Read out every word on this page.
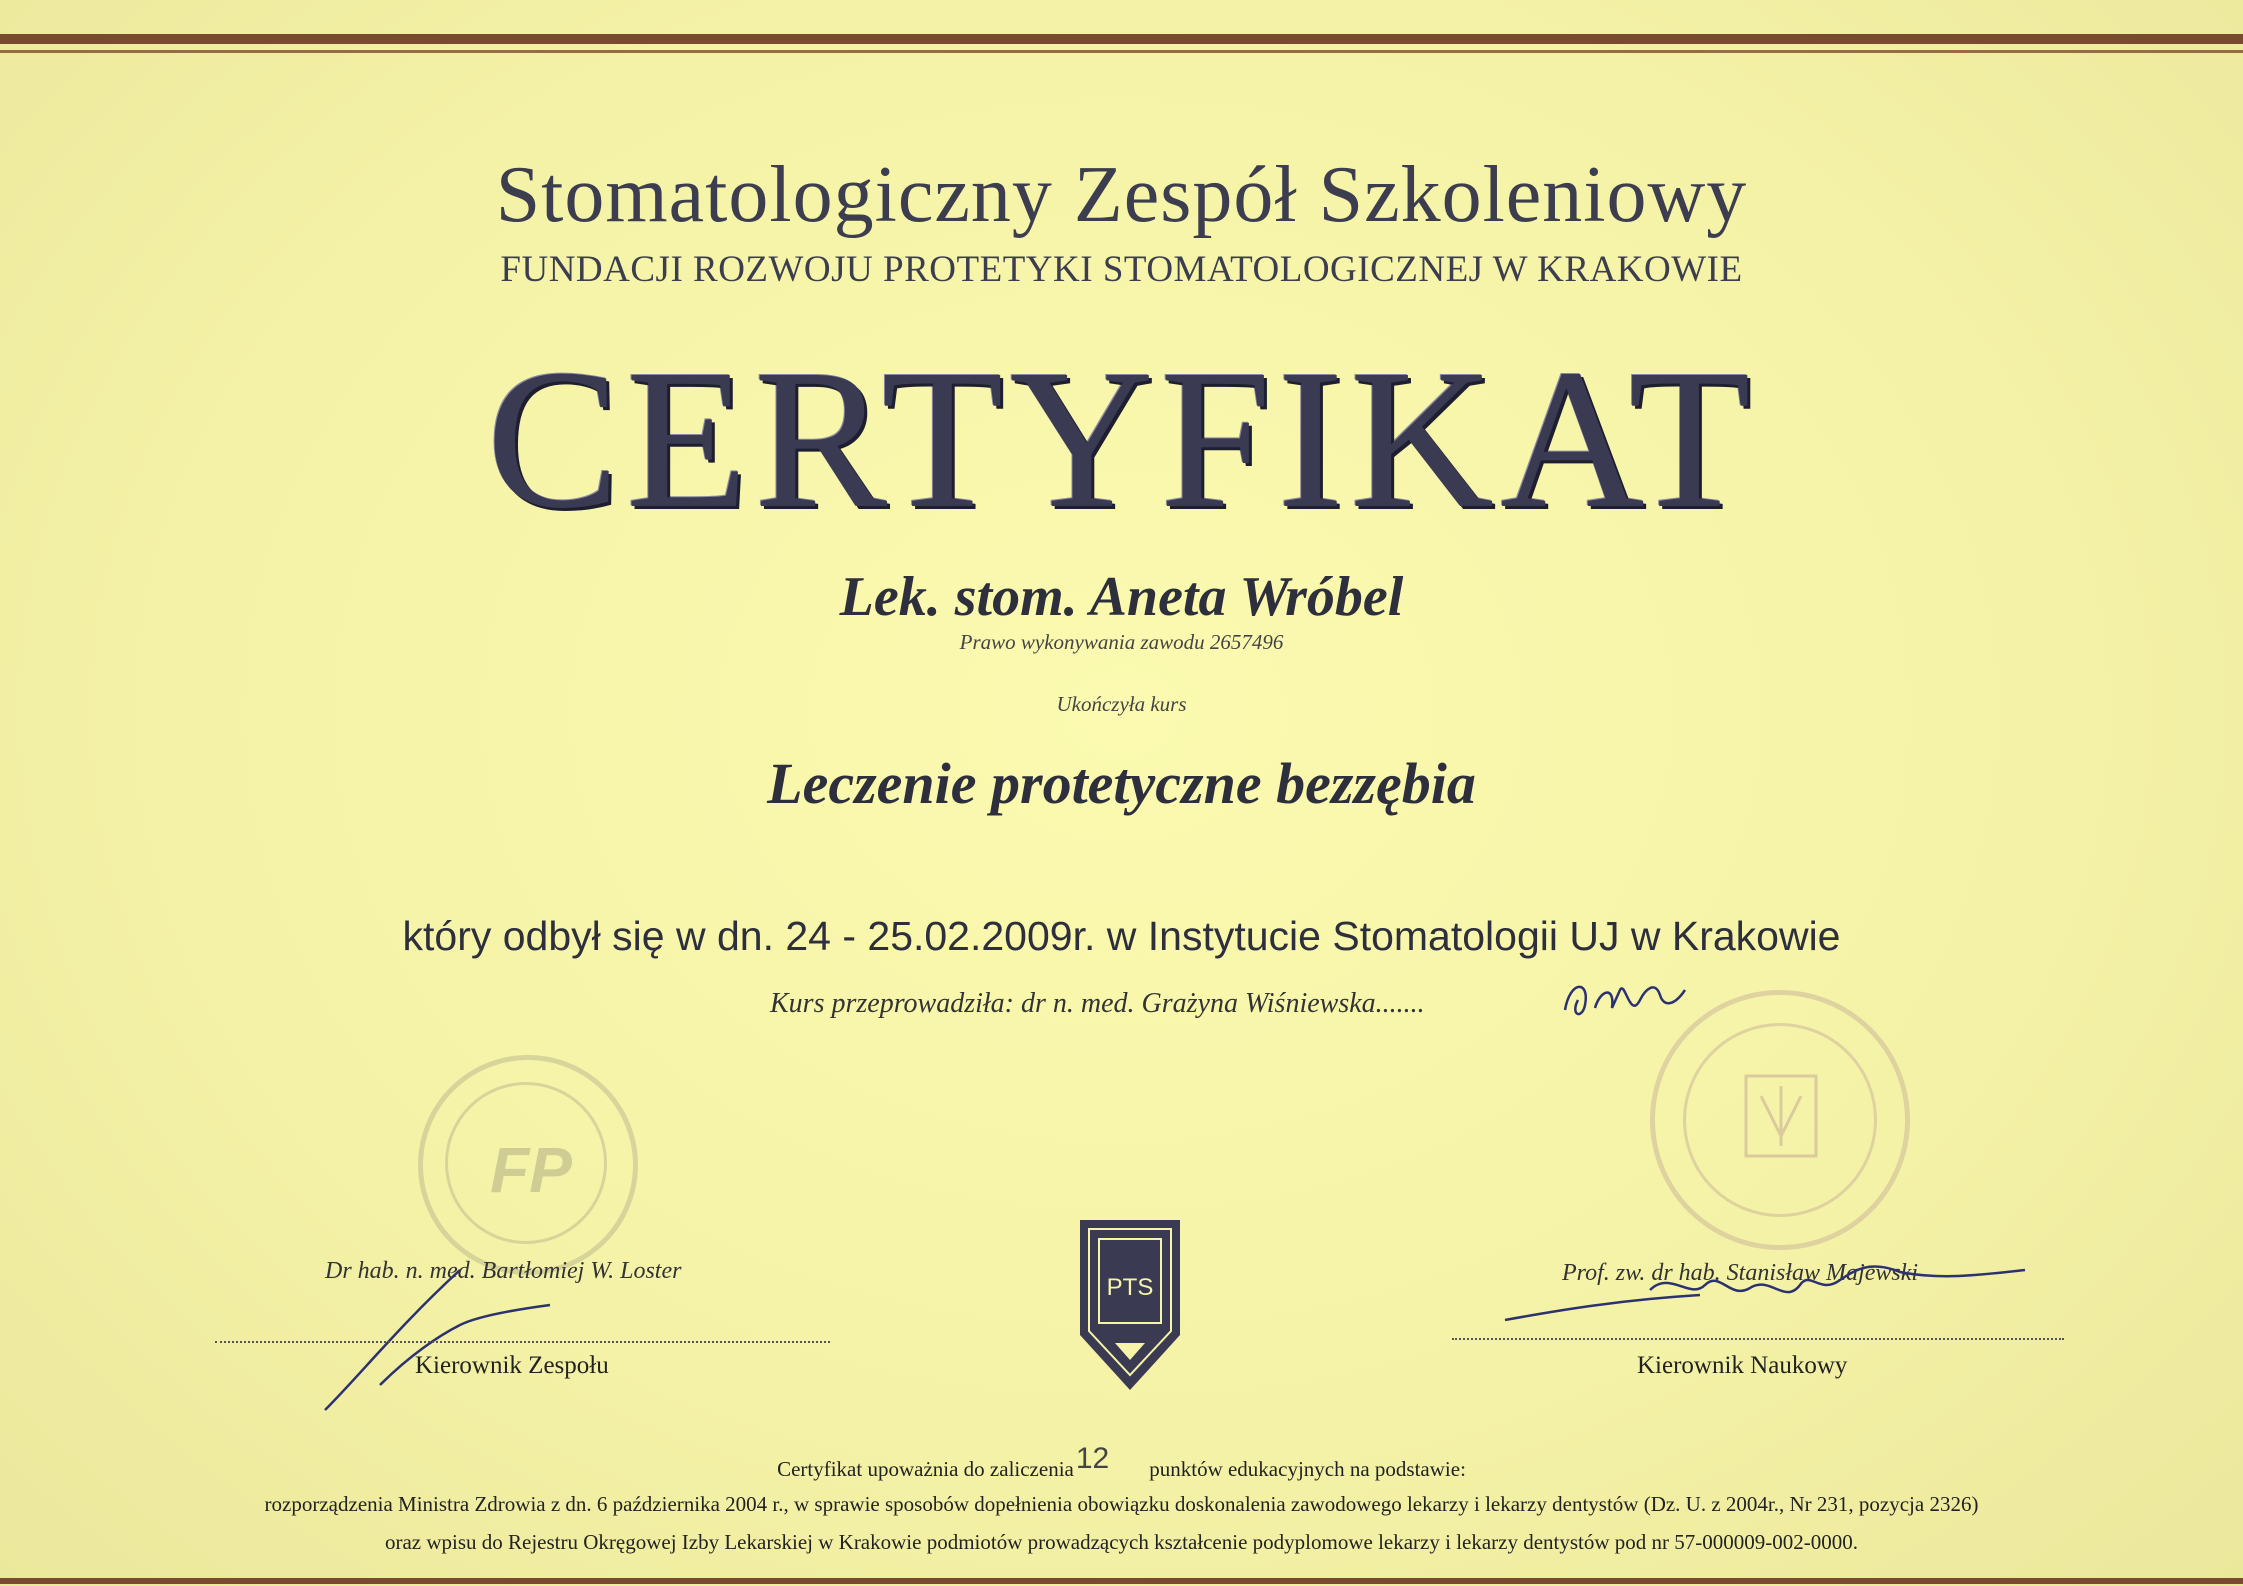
Stomatologiczny Zespół Szkoleniowy
FUNDACJI ROZWOJU PROTETYKI STOMATOLOGICZNEJ W KRAKOWIE
CERTYFIKAT
Lek. stom. Aneta Wróbel
Prawo wykonywania zawodu 2657496
Ukończyła kurs
Leczenie protetyczne bezzębia
który odbył się w dn. 24 - 25.02.2009r. w Instytucie Stomatologii UJ w Krakowie
Kurs przeprowadziła: dr n. med. Grażyna Wiśniewska.......
FP
Dr hab. n. med. Bartłomiej W. Loster
Kierownik Zespołu
PTS
Prof. zw. dr hab. Stanisław Majewski
Kierownik Naukowy
Certyfikat upoważnia do zaliczenia12 punktów edukacyjnych na podstawie:
rozporządzenia Ministra Zdrowia z dn. 6 października 2004 r., w sprawie sposobów dopełnienia obowiązku doskonalenia zawodowego lekarzy i lekarzy dentystów (Dz. U. z 2004r., Nr 231, pozycja 2326)
oraz wpisu do Rejestru Okręgowej Izby Lekarskiej w Krakowie podmiotów prowadzących kształcenie podyplomowe lekarzy i lekarzy dentystów pod nr 57-000009-002-0000.
